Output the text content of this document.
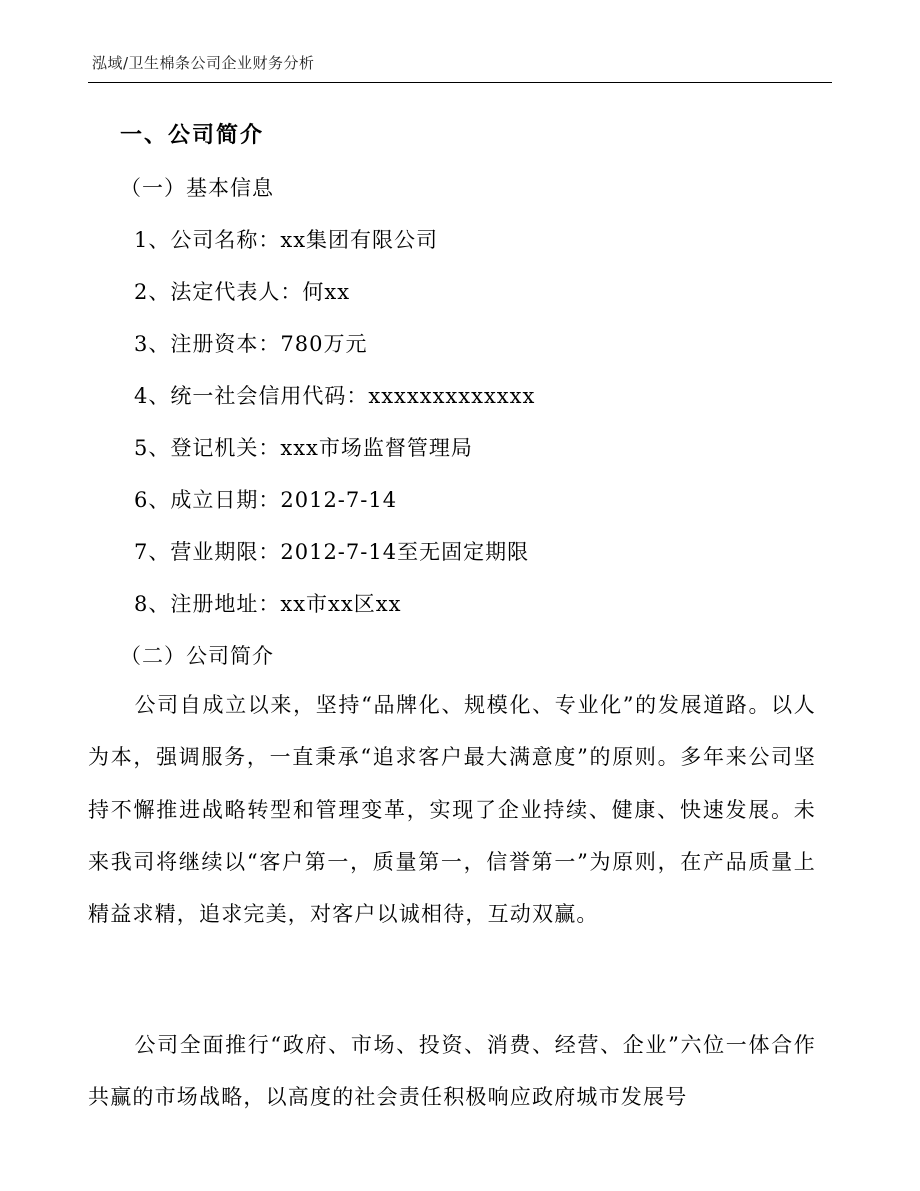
泓域/卫生棉条公司企业财务分析
一、公司简介
（一）基本信息
1、公司名称：xx集团有限公司
2、法定代表人：何xx
3、注册资本：780万元
4、统一社会信用代码：xxxxxxxxxxxxx
5、登记机关：xxx市场监督管理局
6、成立日期：2012-7-14
7、营业期限：2012-7-14至无固定期限
8、注册地址：xx市xx区xx
（二）公司简介
公司自成立以来，坚持“品牌化、规模化、专业化”的发展道路。以人为本，强调服务，一直秉承“追求客户最大满意度”的原则。多年来公司坚持不懈推进战略转型和管理变革，实现了企业持续、健康、快速发展。未来我司将继续以“客户第一，质量第一，信誉第一”为原则，在产品质量上精益求精，追求完美，对客户以诚相待，互动双赢。
公司全面推行“政府、市场、投资、消费、经营、企业”六位一体合作共赢的市场战略，以高度的社会责任积极响应政府城市发展号
